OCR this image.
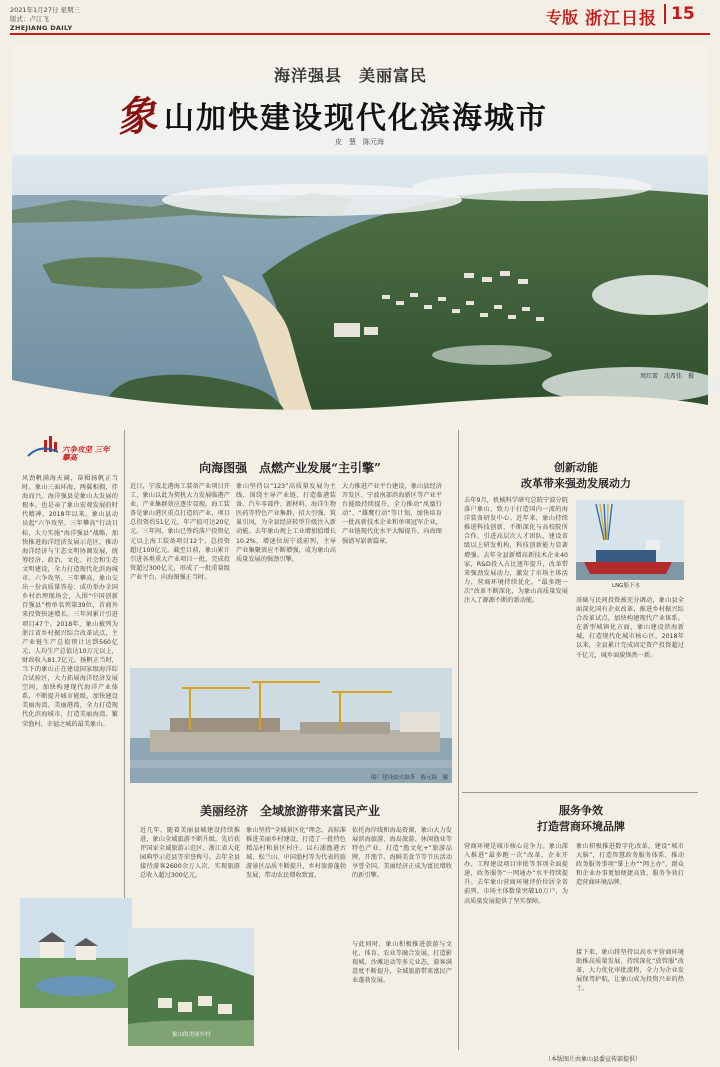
2021年1月27日 星期三
版式：卢江飞
ZHEJIANG DAILY
专版 浙江日报 15
海洋强县　美丽富民
象 山加快建设现代化滨海城市
皮　慧　陈元海
周红雷　沈希佳　摄
六争攻坚 三年攀高
风劲帆满海天阔，奋楫扬帆正当时。象山三面环海，两翼相拥，伴海而兴。海洋强县是象山大发展的根本。也是亲了象山宏观发展的时代精神。2018年以来，象山县动员起“六争攻坚、三年攀高”行动目标，大力实施“海洋强县”战略，加快推进海洋经济发展示范区，推动海洋经济与生态文明协调发展，统筹经济、政治、文化、社会和生态文明建设，全力打造现代化滨海城市。六争攻坚、三年攀高，象山交出一份高质量答卷：成功举办全国乡村治理现场会，入围“中国创新百强县”榜单名列第39位，首商外来投资快速增长，三年间累计引进项目47个。2018年，象山被列为浙江省乡村振兴综合改革试点，主产业链生产总值预计达到560亿元，人均生产总值达10万元以上，财政收入81.7亿元。扬帆正当时，当下的象山正在建设国家级海洋综合试验区，大力拓展海洋经济发展空间，加快构建现代海洋产业体系，不断提升城市能级，加快建设美丽海湾、美丽港湾，全力打造现代化滨海城市，打造美丽海湾、繁荣渔村、幸福之城的最美象山。
向海图强　点燃产业发展“主引擎”
近日，宁波北港海工装备产业项目开工，象山以此为契机大力发展临港产业，产业集群效应逐步显现。海工装备是象山港区重点打造的产业，项目总投资约51亿元，年产值可达20亿元。三年间，象山已签约落户投资亿元以上海工装备项目12个，总投资超过100亿元。截至目前，象山累计引进各类重大产业项目一批，完成投资超过300亿元，形成了一批重量级产业平台，向海图强正当时。
象山坚持以“123”高质量发展为主线，围绕主导产业链，打造临港装备、汽车零部件、新材料、海洋生物医药等特色产业集群，招大引强、筑巢引凤，为全县经济转型升级注入新动能。去年象山规上工业增加值增长10.2%，增速位居宁波前列，主导产业集聚效应不断增强，成为象山高质量发展的强劲引擎。
大力推进产业平台建设，象山县经济开发区、宁波南部滨海新区等产业平台能级持续提升，全力推动“凤凰行动”、“雄鹰行动”等计划，加快培育一批高新技术企业和单项冠军企业，产业链现代化水平大幅提升，向海图强谱写崭新篇章。
船厂建设如火如荼　陈元海　摄
创新动能
改革带来强劲发展动力
去年9月，机械科学研究总院宁波分院落户象山，致力于打造国内一流的海洋装备研发中心。近年来，象山持续推进科技创新，不断深化与高校院所合作，引进高层次人才团队，建设省级以上研发机构，科技创新能力显著增强。去年全县新增高新技术企业40家，R&D投入占比逐年提升，改革带来强劲发展动力，激发了市场主体活力，营商环境持续优化，“最多跑一次”改革不断深化，为象山高质量发展注入了源源不断的新动能。
LNG船下水
基础与民间投资被充分调动，象山县全面深化国有企业改革，推进乡村振兴综合改革试点，加快构建现代产业体系。在新型城镇化方面，象山建设滨海新城，打造现代化城市核心区。2018年以来，全县累计完成固定资产投资超过千亿元，城乡面貌焕然一新。
美丽经济　全域旅游带来富民产业
近几年，随着美丽县城建设持续推进，象山全域旅游不断升级，先后获评国家全域旅游示范区、浙江省大花园典型示范县等荣誉称号。去年全县接待游客2600余万人次，实现旅游总收入超过300亿元。
象山坚持“全域景区化”理念，高标准推进美丽乡村建设，打造了一批特色精品村和景区村庄。以石浦渔港古城、松兰山、中国渔村等为代表的旅游景区品质不断提升，乡村旅游蓬勃发展，带动农民增收致富。
依托海岸线和海岛资源，象山大力发展滨海旅游、海岛旅游、休闲渔业等特色产业，打造“渔文化+”旅游品牌，开渔节、海鲜美食节等节庆活动享誉全国，美丽经济正成为富民增收的新引擎。
与此同时，象山积极推进旅游与文化、体育、农业等融合发展，打造影视城、沙滩运动等多元业态，游客满意度不断提升，全域旅游带来富民产业蓬勃发展。
象山的美丽乡村
服务争效
打造营商环境品牌
营商环境是城市核心竞争力。象山深入推进“最多跑一次”改革，企业开办、工程建设项目审批等事项全面提速，政务服务“一网通办”水平持续提升。去年象山营商环境评价位居全省前列，市场主体数量突破10万户，为高质量发展提供了坚实保障。
象山积极推进数字化改革，建设“城市大脑”，打造智慧政务服务体系，推动政务服务事项“掌上办”“网上办”，群众和企业办事更加便捷高效，服务争效打造营商环境品牌。
接下来，象山将坚持以高水平营商环境助推高质量发展，持续深化“放管服”改革，大力优化审批流程，全力为企业发展保驾护航，让象山成为投资兴业的热土。
（本版图片由象山县委宣传部提供）
